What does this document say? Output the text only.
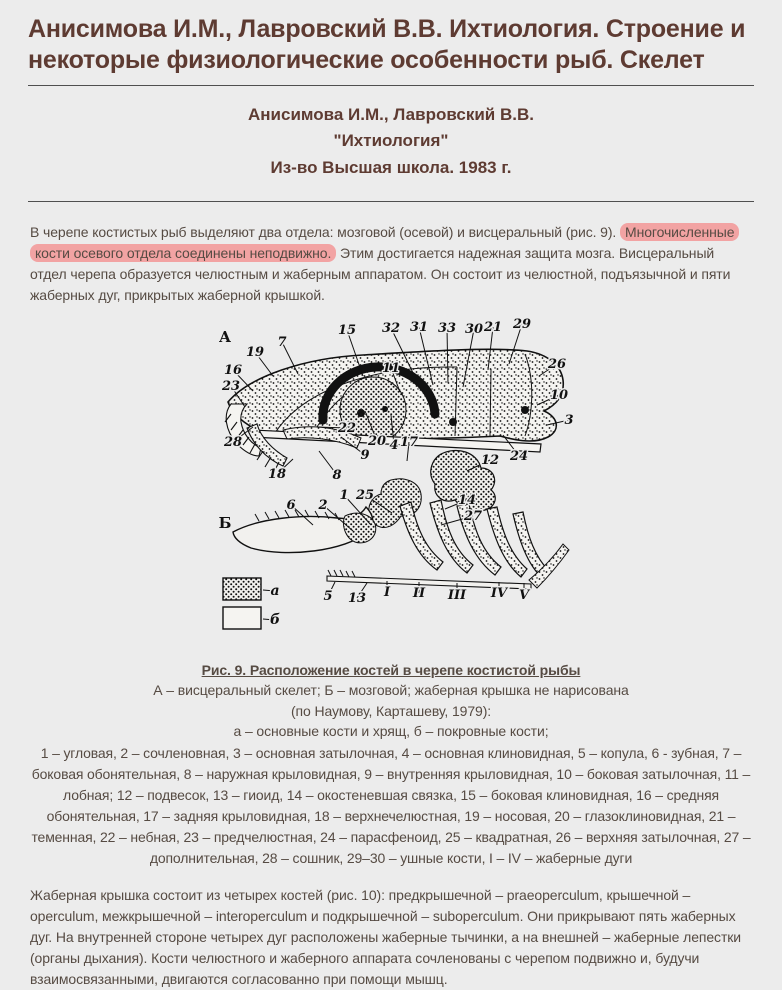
Анисимова И.М., Лавровский В.В. Ихтиология. Строение и некоторые физиологические особенности рыб. Скелет
Анисимова И.М., Лавровский В.В.
"Ихтиология"
Из-во Высшая школа. 1983 г.

В черепе костистых рыб выделяют два отдела: мозговой (осевой) и висцеральный (рис. 9). Многочисленные кости осевого отдела соединены неподвижно. Этим достигается надежная защита мозга. Висцеральный отдел черепа образуется челюстным и жаберным аппаратом. Он состоит из челюстной, подъязычной и пяти жаберных дуг, прикрытых жаберной крышкой.

А
Б
19
7
16
23
15 32 31 33 30 21 29
11	26
10
3
24
12
28
18
22
20 4 17
9
8
25	14
27
1
2
6
5 13 I II III IV V
а
б
Рис. 9. Расположение костей в черепе костистой рыбы
А – висцеральный скелет; Б – мозговой; жаберная крышка не нарисована
(по Наумову, Карташеву, 1979):
а – основные кости и хрящ, б – покровные кости;

1 – угловая, 2 – сочленовная, 3 – основная затылочная, 4 – основная клиновидная, 5 – копула, 6 - зубная, 7 – боковая обонятельная, 8 – наружная крыловидная, 9 – внутренняя крыловидная, 10 – боковая затылочная, 11 – лобная; 12 – подвесок, 13 – гиоид, 14 – окостеневшая связка, 15 – боковая клиновидная, 16 – средняя обонятельная, 17 – задняя крыловидная, 18 – верхнечелюстная, 19 – носовая, 20 – глазоклиновидная, 21 – теменная, 22 – небная, 23 – предчелюстная, 24 – парасфеноид, 25 – квадратная, 26 – верхняя затылочная, 27 – дополнительная, 28 – сошник, 29–30 – ушные кости, I – IV – жаберные дуги

Жаберная крышка состоит из четырех костей (рис. 10): предкрышечной – praeoperculum, крышечной – operculum, межкрышечной – interoperculum и подкрышечной – suboperculum. Они прикрывают пять жаберных дуг. На внутренней стороне четырех дуг расположены жаберные тычинки, а на внешней – жаберные лепестки (органы дыхания). Кости челюстного и жаберного аппарата сочленованы с черепом подвижно и, будучи взаимосвязанными, двигаются согласованно при помощи мышц.
